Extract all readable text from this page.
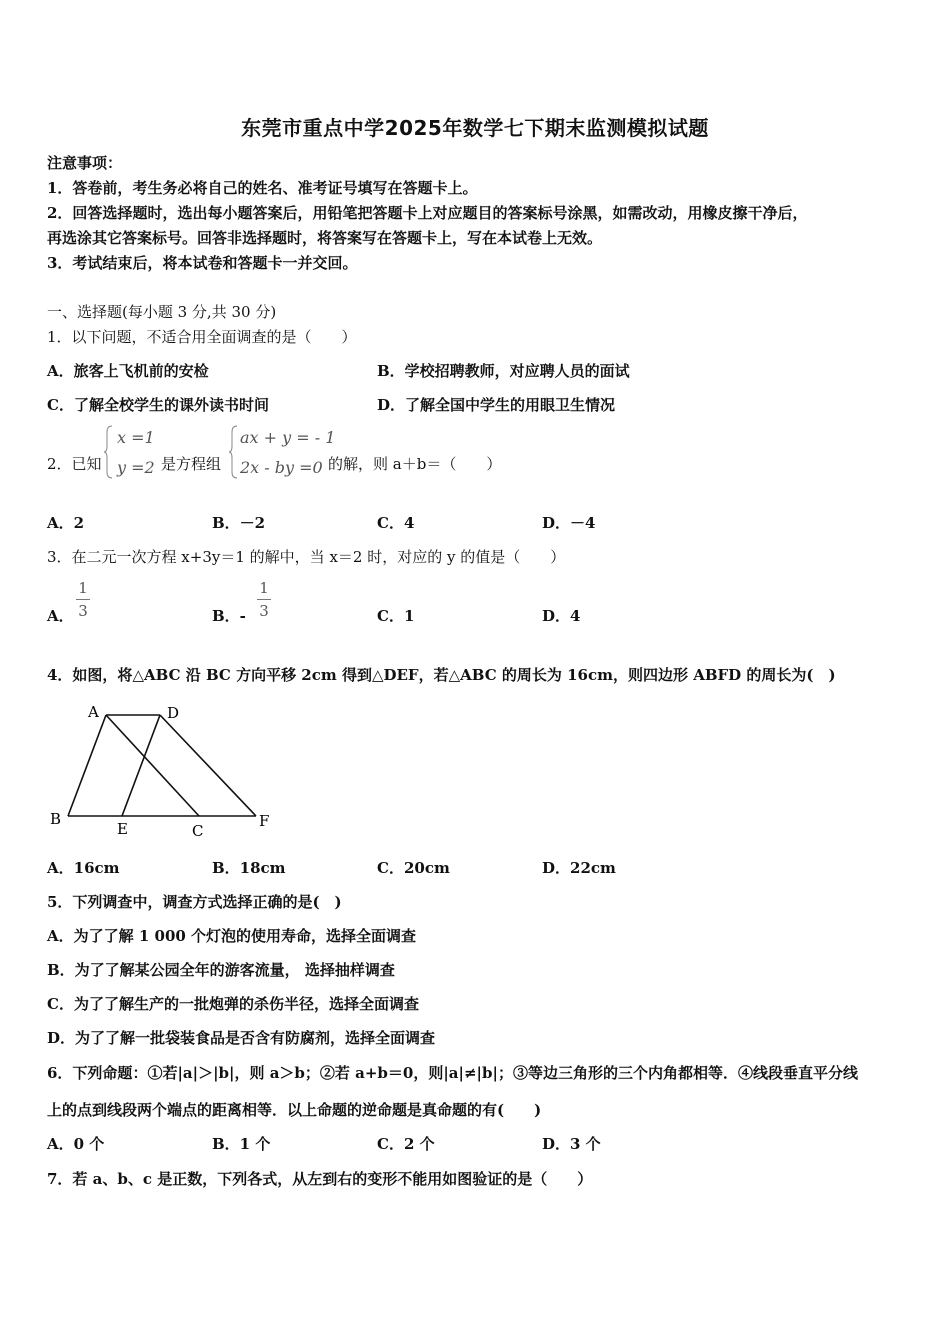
东莞市重点中学2025年数学七下期末监测模拟试题
注意事项：
1．答卷前，考生务必将自己的姓名、准考证号填写在答题卡上。
2．回答选择题时，选出每小题答案后，用铅笔把答题卡上对应题目的答案标号涂黑，如需改动，用橡皮擦干净后，
再选涂其它答案标号。回答非选择题时，将答案写在答题卡上，写在本试卷上无效。
3．考试结束后，将本试卷和答题卡一并交回。
一、选择题(每小题 3 分,共 30 分)
1．以下问题，不适合用全面调查的是（　　）
A．旅客上飞机前的安检	B．学校招聘教师，对应聘人员的面试
C．了解全校学生的课外读书时间	D．了解全国中学生的用眼卫生情况
2．已知
x =1
y =2 是方程组
ax + y = - 1
2x - by =0 的解，则 a＋b＝（　　）
A．2	B．－2	C．4	D．－4
3．在二元一次方程 x+3y＝1 的解中，当 x＝2 时，对应的 y 的值是（　　）
A．
1
3	B．-
1
3	C．1	D．4
4．如图，将△ABC 沿 BC 方向平移 2cm 得到△DEF，若△ABC 的周长为 16cm，则四边形 ABFD 的周长为(　)
A	D
B
E	C
F
A．16cm	B．18cm	C．20cm	D．22cm
5．下列调查中，调查方式选择正确的是(　)
A．为了了解 1 000 个灯泡的使用寿命，选择全面调查
B．为了了解某公园全年的游客流量， 选择抽样调查
C．为了了解生产的一批炮弹的杀伤半径，选择全面调查
D．为了了解一批袋装食品是否含有防腐剂，选择全面调查
6．下列命题：①若|a|＞|b|，则 a＞b；②若 a+b＝0，则|a|≠|b|；③等边三角形的三个内角都相等．④线段垂直平分线
上的点到线段两个端点的距离相等．以上命题的逆命题是真命题的有(　　)
A．0 个	B．1 个	C．2 个	D．3 个
7．若 a、b、c 是正数，下列各式，从左到右的变形不能用如图验证的是（　　）
